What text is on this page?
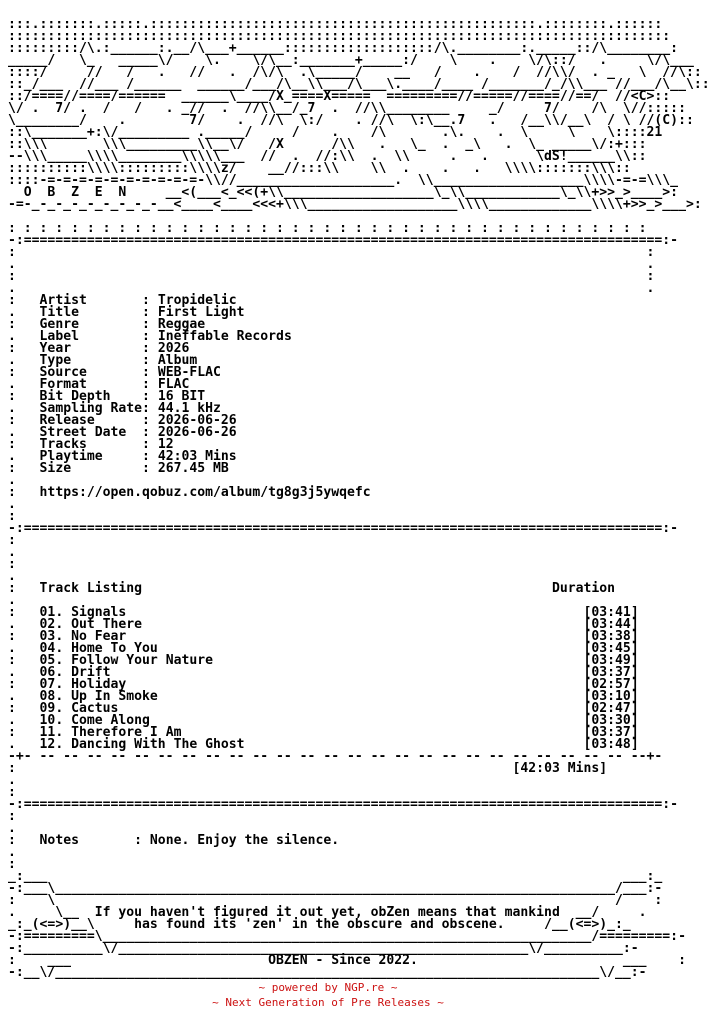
:::.:::::::.:::::.:::::::::::::::::::::::::::::::::::::::::::::::::.::::::::.::::::
::::::::::::::::::::::::::::::::::::::::::::::::::::::::::::::::::::::::::::::::::::
:::::::::/\.:______:.__/\___+______:::::::::::::::::::/\.________:._____::/\________:
_____/   \_   _____\/    \.    \/\__:_______+_____:/    \    .    \/\::/   .     \/\___
::::/     //   /   .   //   .  /\/\  .\_____/    __   /    .    /  //\\/  . _   \  //\::
::_/___  //___ /______  ______/___/\__\\___/\___\.____/____ /_______/_/\\___ //___/\__\::
::/====//====/======  ______\____/X_====X=====  =========//=====//====//==/  //<C>::
\/ .  7/ .  /   /   . _//  .  //\\__/_7  .  //\\________     _/     7/    /\  \//:::::
\________/    .        7/    .  //\  \:/    . //\  \:\__.7   .   /__\\/__\  / \ //(C)::
::\_______+:\/_________ ._____/     /    .    /\       .\.    .  \     \    \::::21
::\\\       \\\_________\\__\/   /X      /\\   .   \_  .  _\   .  \_ _____\/:+:::
--\\\_____\\\\________\\\\\___  //  .  //:\\  .  \\     .   .      \dS!______\\::
::::::::::\\\\:::::::::\\\\z/    __//:::\\    \\  .    .   .   \\\\:::::::\\\::
::::-=-=-=-=-=-=-=-=-=-=-\\//____________________.  \\___________________\\\\-=-=\\\_
O  B  Z  E  N     __<(___<_<<(+\\___________________\_\\____________\_\\+>>_>____>:
-=-_-_-_-_-_-_-_-_-__<____<____<<<+\\\___________________\\\\_____________\\\\+>>_>___>:

: : : : : : : : : : : : : : : : : : : : : : : : : : : : : : : : : : : : : : : : :
-:=================================================================================:-
:                                                                                :
.                                                                                .
:                                                                                :
.                                                                                .
:   Artist       : Tropidelic
.   Title        : First Light
:   Genre        : Reggae
.   Label        : Ineffable Records
:   Year         : 2026
.   Type         : Album
:   Source       : WEB-FLAC
.   Format       : FLAC
:   Bit Depth    : 16 BIT
.   Sampling Rate: 44.1 kHz
:   Release      : 2026-06-26
.   Street Date  : 2026-06-26
:   Tracks       : 12
.   Playtime     : 42:03 Mins
:   Size         : 267.45 MB
.
:   https://open.qobuz.com/album/tg8g3j5ywqefc
.
:
-:=================================================================================:-
:
.
:
.
:   Track Listing	Duration
.
:   01. Signals	[03:41]
.   02. Out There	[03:44]
:   03. No Fear	[03:38]
.   04. Home To You	[03:45]
:   05. Follow Your Nature	[03:49]
.   06. Drift	[03:37]
:   07. Holiday	[02:57]
.   08. Up In Smoke	[03:10]
:   09. Cactus	[02:47]
.   10. Come Along	[03:30]
:   11. Therefore I Am	[03:37]
.   12. Dancing With The Ghost	[03:48]
-+- -- -- -- -- -- -- -- -- -- -- -- -- -- -- -- -- -- -- -- -- -- -- -- -- -- --+-
:                                                               [42:03 Mins]
.
:
-:=================================================================================:-
:
.
:   Notes       : None. Enjoy the silence.
.
:
_:___                                                                         ___:_
-:___\_______________________________________________________________________/___:-
:    \                                                                       /    :
.     \__  If you haven't figured it out yet, obZen means that mankind  __/     .
_:_(<=>)__\     has found its 'zen' in the obscure and obscene.     /__(<=>)_:_
-:=========\______________________________________________________________/=========:-
-:__________\/____________________________________________________\/__________:-
:    ___                         OBZEN - Since 2022.                          ___    :
-:__\/_____________________________________________________________________\/__:-
~ powered by NGP.re ~
~ Next Generation of Pre Releases ~
